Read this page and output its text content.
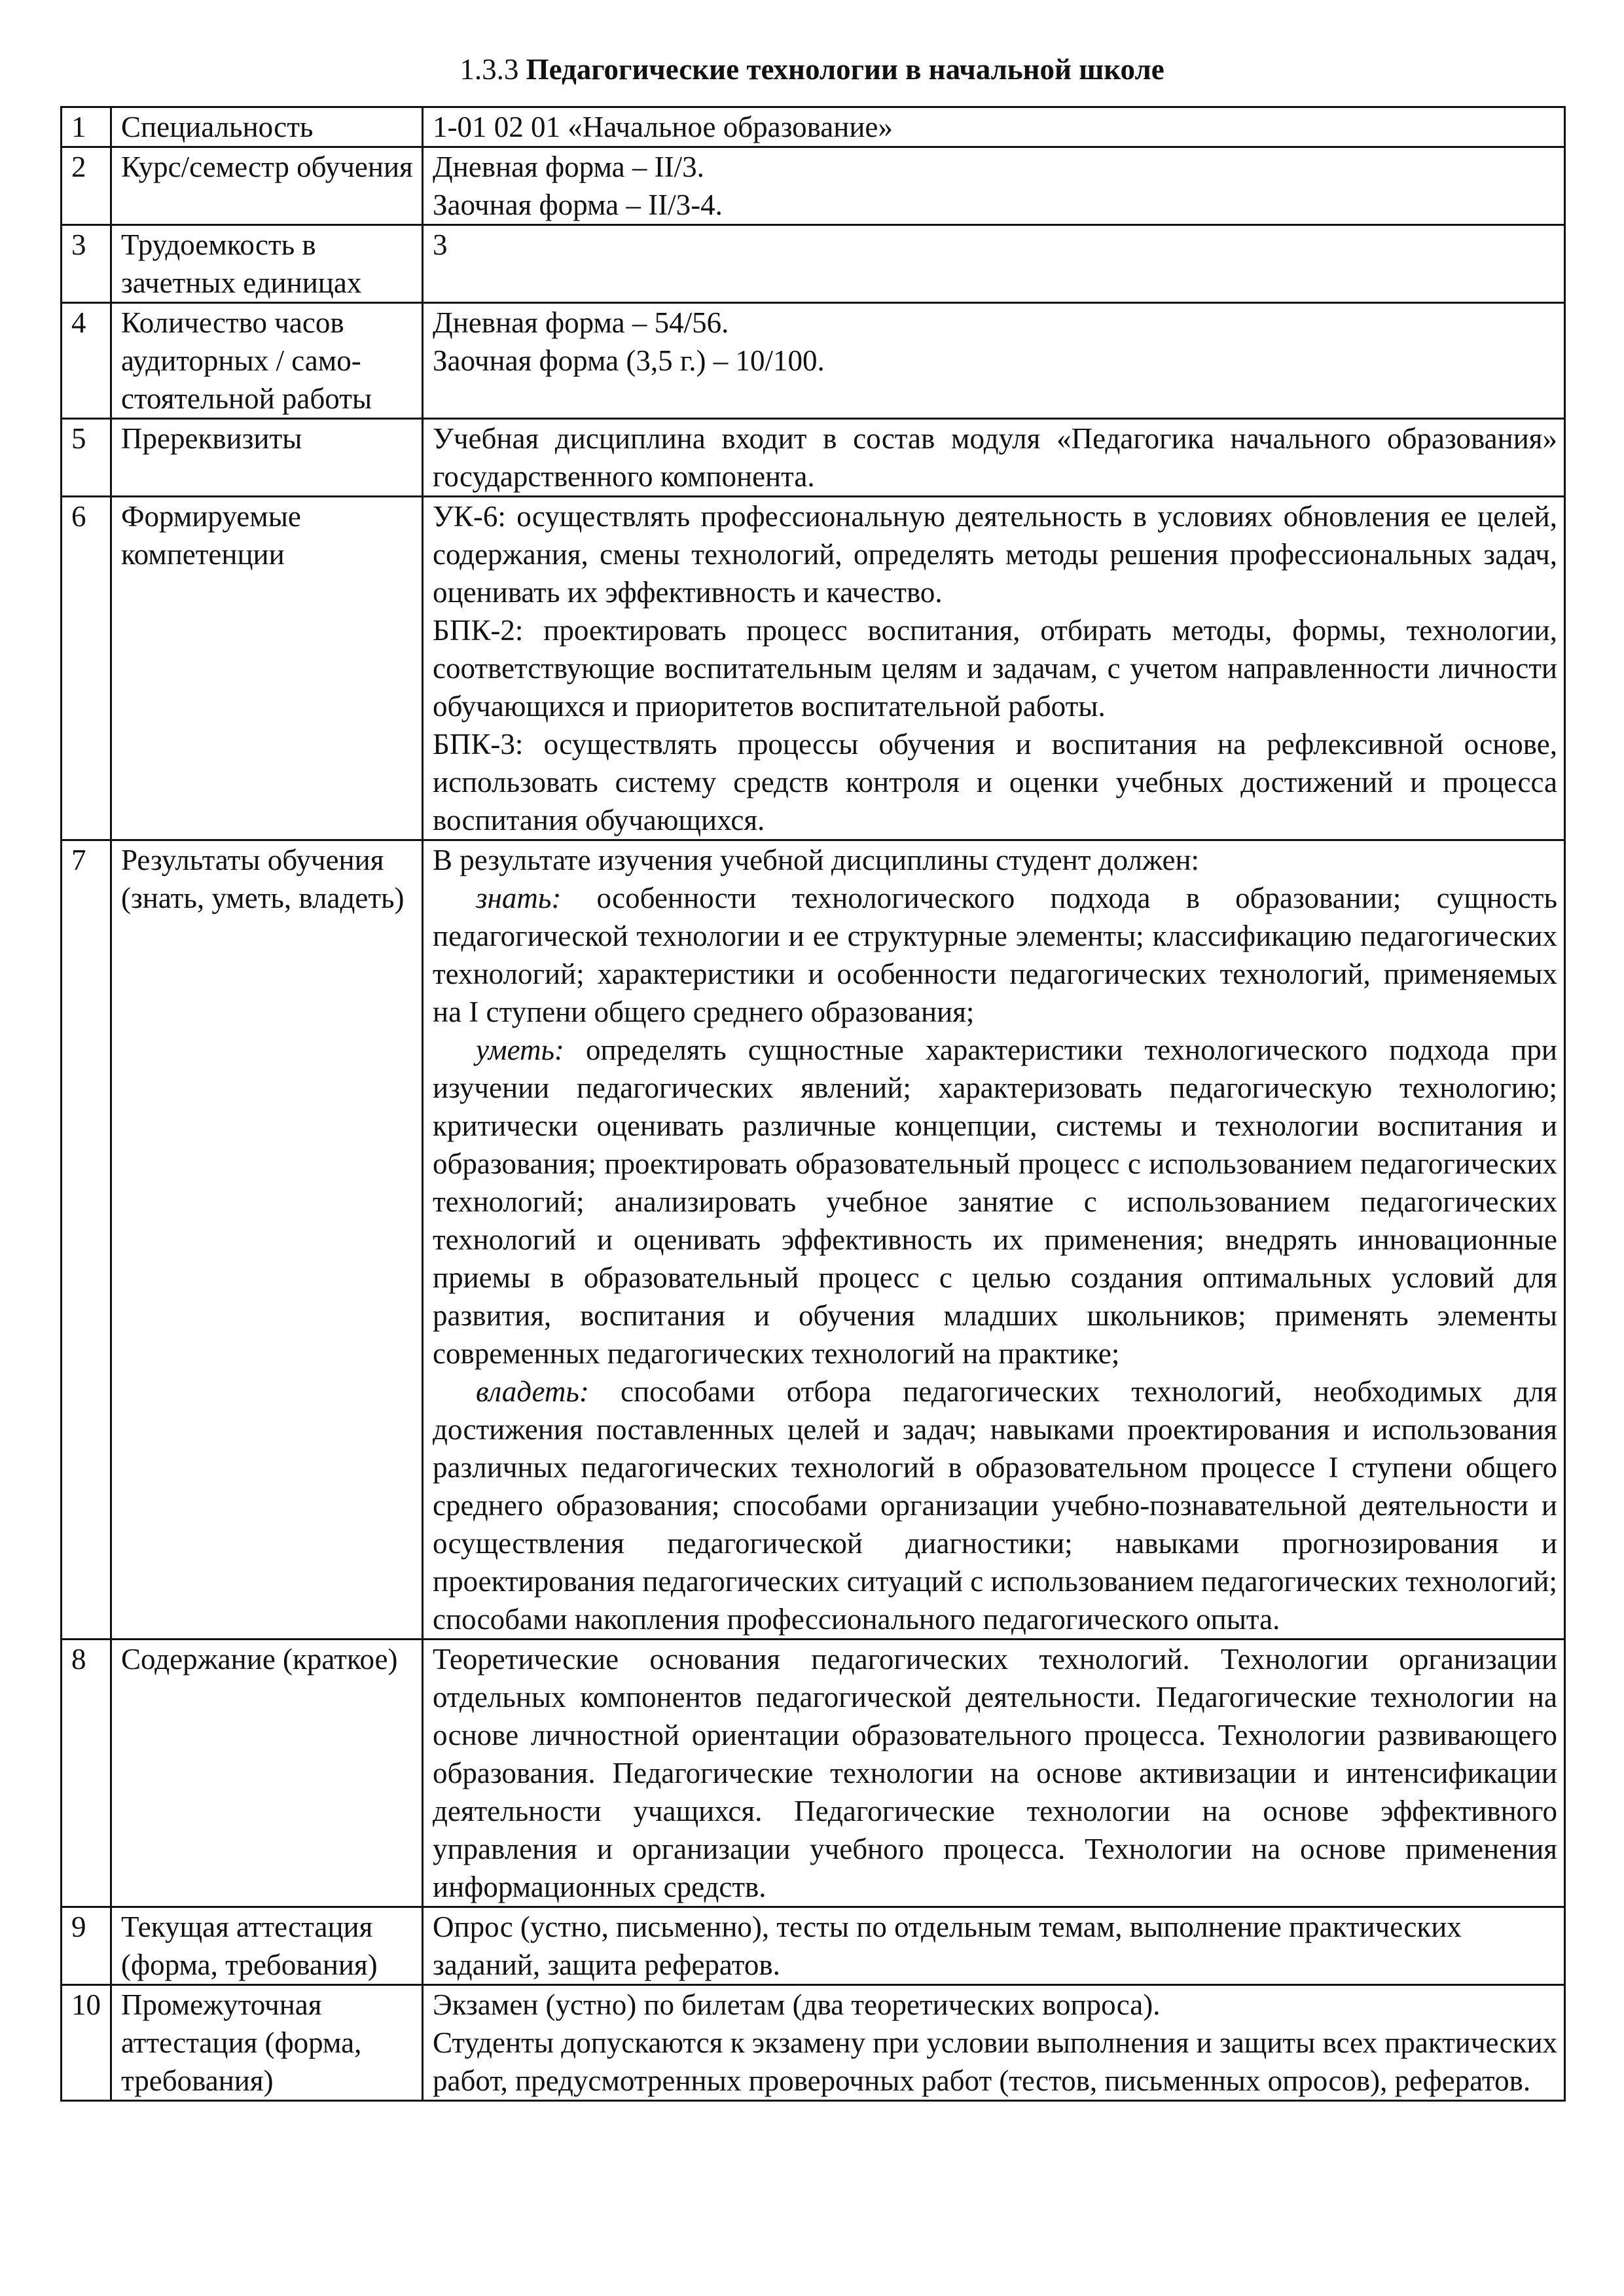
1.3.3 Педагогические технологии в начальной школе
1	Специальность	1-01 02 01 «Начальное образование»

2	Курс/семестр обучения	Дневная форма – II/3.
Заочная форма – II/3-4.

3	Трудоемкость в зачетных единицах	3

4	Количество часов аудиторных / само-стоятельной работы	Дневная форма – 54/56.
Заочная форма (3,5 г.) – 10/100.

5	Пререквизиты	Учебная дисциплина входит в состав модуля «Педагогика начального образования» государственного компонента.

6	Формируемые компетенции	УК-6: осуществлять профессиональную деятельность в условиях обновления ее целей, содержания, смены технологий, определять методы решения профессиональных задач, оценивать их эффективность и качество.
БПК-2: проектировать процесс воспитания, отбирать методы, формы, технологии, соответствующие воспитательным целям и задачам, с учетом направленности личности обучающихся и приоритетов воспитательной работы.
БПК-3: осуществлять процессы обучения и воспитания на рефлексивной основе, использовать систему средств контроля и оценки учебных достижений и процесса воспитания обучающихся.

7	Результаты обучения (знать, уметь, владеть)	В результате изучения учебной дисциплины студент должен:
знать: особенности технологического подхода в образовании; сущность педагогической технологии и ее структурные элементы; классификацию педагогических технологий; характеристики и особенности педагогических технологий, применяемых на I ступени общего среднего образования;
уметь: определять сущностные характеристики технологического подхода при изучении педагогических явлений; характеризовать педагогическую технологию; критически оценивать различные концепции, системы и технологии воспитания и образования; проектировать образовательный процесс с использованием педагогических технологий; анализировать учебное занятие с использованием педагогических технологий и оценивать эффективность их применения; внедрять инновационные приемы в образовательный процесс с целью создания оптимальных условий для развития, воспитания и обучения младших школьников; применять элементы современных педагогических технологий на практике;
владеть: способами отбора педагогических технологий, необходимых для достижения поставленных целей и задач; навыками проектирования и использования различных педагогических технологий в образовательном процессе I ступени общего среднего образования; способами организации учебно-познавательной деятельности и осуществления педагогической диагностики; навыками прогнозирования и проектирования педагогических ситуаций с использованием педагогических технологий; способами накопления профессионального педагогического опыта.

8	Содержание (краткое)	Теоретические основания педагогических технологий. Технологии организации отдельных компонентов педагогической деятельности. Педагогические технологии на основе личностной ориентации образовательного процесса. Технологии развивающего образования. Педагогические технологии на основе активизации и интенсификации деятельности учащихся. Педагогические технологии на основе эффективного управления и организации учебного процесса. Технологии на основе применения информационных средств.

9	Текущая аттестация (форма, требования)	Опрос (устно, письменно), тесты по отдельным темам, выполнение практических заданий, защита рефератов.

10	Промежуточная аттестация (форма, требования)	Экзамен (устно) по билетам (два теоретических вопроса).
Студенты допускаются к экзамену при условии выполнения и защиты всех практических работ, предусмотренных проверочных работ (тестов, письменных опросов), рефератов.
